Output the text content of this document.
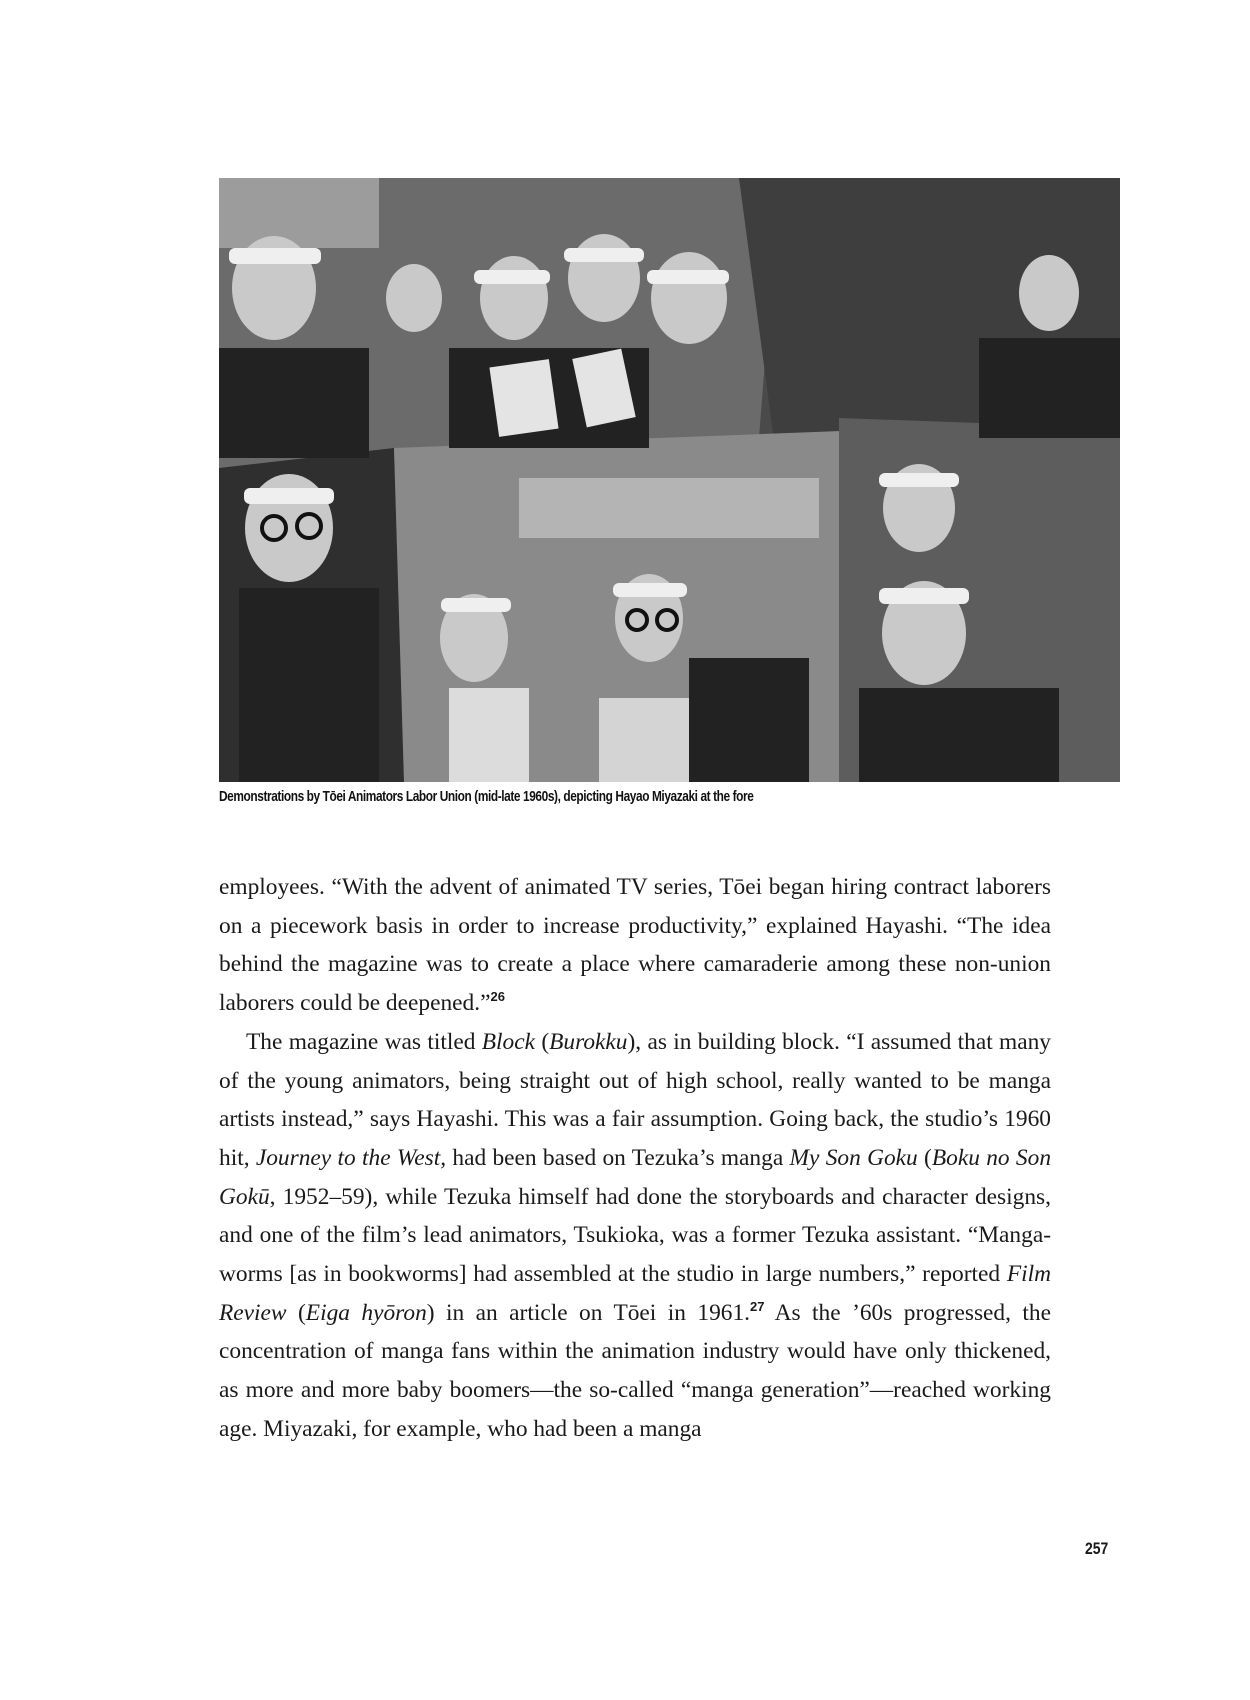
Demonstrations by Tōei Animators Labor Union (mid-late 1960s), depicting Hayao Miyazaki at the fore

employees. “With the advent of animated TV series, Tōei began hiring contract laborers on a piecework basis in order to increase productivity,” explained Hayashi. “The idea behind the magazine was to create a place where camaraderie among these non-union laborers could be deepened.”$^{26}$

The magazine was titled Block (Burokku), as in building block. “I assumed that many of the young animators, being straight out of high school, really wanted to be manga artists instead,” says Hayashi. This was a fair assumption. Going back, the studio’s 1960 hit, Journey to the West, had been based on Tezuka’s manga My Son Goku (Boku no Son Gokū, 1952–59), while Tezuka himself had done the storyboards and character designs, and one of the film’s lead animators, Tsukioka, was a former Tezuka assistant. “Manga-worms [as in bookworms] had assembled at the studio in large numbers,” reported Film Review (Eiga hyōron) in an article on Tōei in 1961.27 As the ’60s progressed, the concentration of manga fans within the animation industry would have only thickened, as more and more baby boomers—the so-called “manga generation”—reached working age. Miyazaki, for example, who had been a manga

257
